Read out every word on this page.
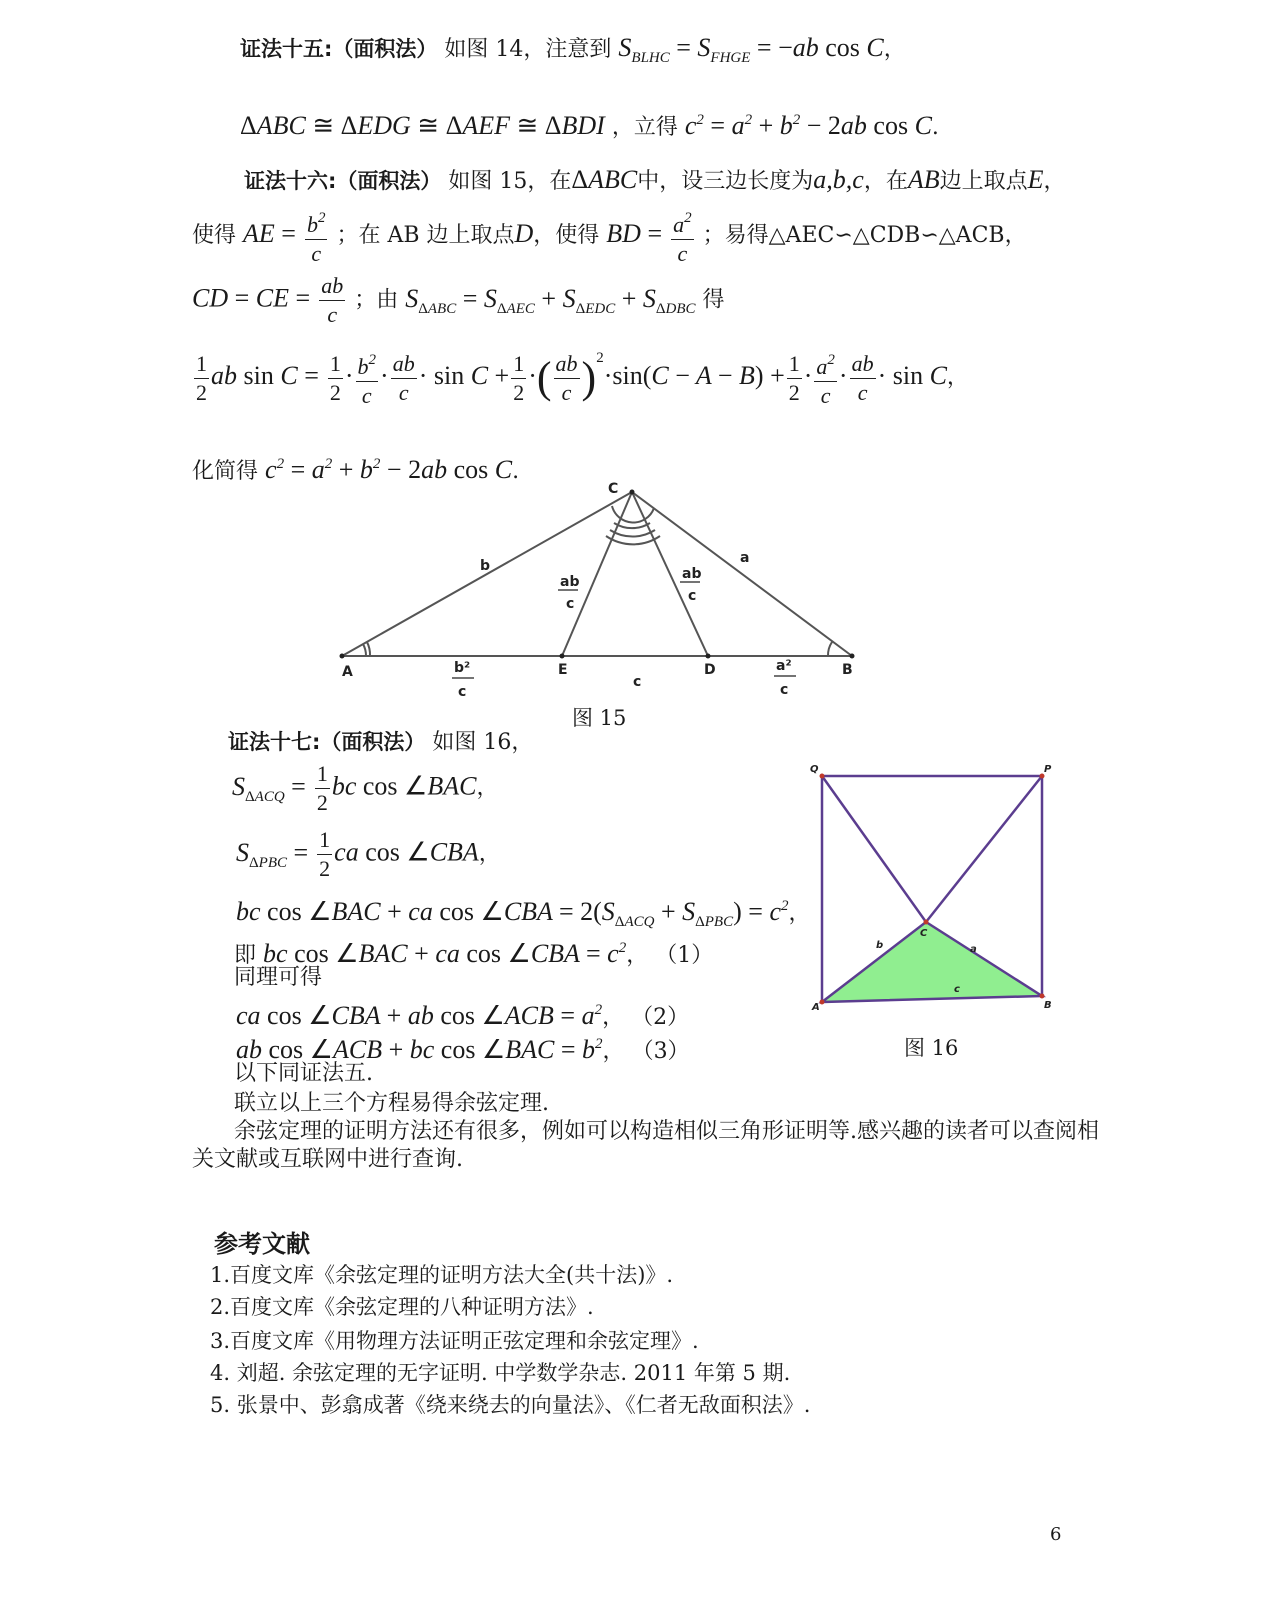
证法十五:（面积法） 如图 14，注意到 $S_{BLHC} = S_{FHGE} = -ab$ cos C，
ΔABC ≅ ΔEDG ≅ ΔAEF ≅ ΔBDI ，立得 $c^2 = a^2 + b^2 - 2ab$ cos C.
证法十六:（面积法） 如图 15，在ΔABC中，设三边长度为a,b,c，在AB边上取点E，
使得 AE = $\frac{b^2}{c}$ ；在 AB 边上取点D，使得 BD = $\frac{a^2}{c}$ ；易得△AEC∽△CDB∽△ACB，
CD = CE = $\frac{ab}{c}$ ；由 $S_{\Delta ABC} = S_{\Delta AEC} + S_{\Delta EDC} + S_{\Delta DBC}$ 得
$\frac{1}{2}$ ab $\sin C = \frac{1}{2} \cdot \frac{b^2}{c} \cdot \frac{ab}{c} \cdot \sin C + \frac{1}{2}$ ·( $\frac{ab}{c} )^2\cdot\sin(C - A - B) + \frac{1}{2} \cdot \frac{a^2}{c} \cdot \frac{ab}{c} \cdot \sin C$，
化简得 $c^2 = a^2 + b^2 - 2ab$ cos C.
C
A	B
E	D
b	a
c
ab
c
ab
c
b²
c
a²
c
图 15
证法十七:（面积法） 如图 16，
$S_{\Delta ACQ} = \frac{1}{2}$ bc cos ∠BAC，
$S_{\Delta PBC} = \frac{1}{2}$ ca cos ∠CBA，
bc cos ∠BAC + ca cos ∠CBA = $2(S_{\Delta ACQ} + S_{\Delta PBC}) = c^2$，
即 bc cos ∠BAC + ca cos ∠CBA = $c^2$， （1）
同理可得
ca cos ∠CBA + ab cos ∠ACB = $a^2$， （2）
ab cos ∠ACB + bc cos ∠BAC = $b^2$， （3）
Q	P
A	B
C
b	a
c
图 16
以下同证法五.
联立以上三个方程易得余弦定理.
余弦定理的证明方法还有很多，例如可以构造相似三角形证明等.感兴趣的读者可以查阅相
关文献或互联网中进行查询.
参考文献
1.百度文库《余弦定理的证明方法大全(共十法)》.
2.百度文库《余弦定理的八种证明方法》.
3.百度文库《用物理方法证明正弦定理和余弦定理》.
4. 刘超. 余弦定理的无字证明. 中学数学杂志. 2011 年第 5 期.
5. 张景中、彭翕成著《绕来绕去的向量法》、《仁者无敌面积法》.
6
